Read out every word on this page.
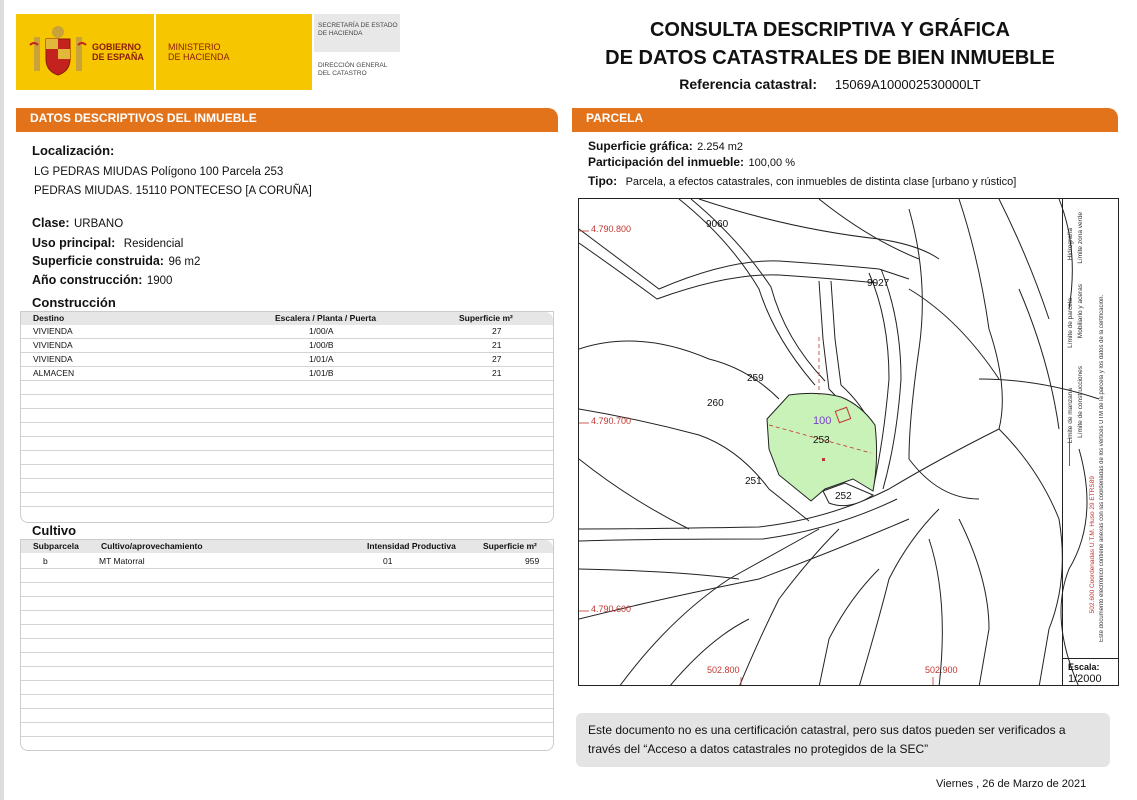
GOBIERNO
DE ESPAÑA
MINISTERIO
DE HACIENDA
SECRETARÍA DE ESTADO
DE HACIENDA
DIRECCIÓN GENERAL
DEL CATASTRO
CONSULTA DESCRIPTIVA Y GRÁFICA
DE DATOS CATASTRALES DE BIEN INMUEBLE
Referencia catastral: 15069A100002530000LT
DATOS DESCRIPTIVOS DEL INMUEBLE
Localización:
LG PEDRAS MIUDAS Polígono 100 Parcela 253
PEDRAS MIUDAS. 15110 PONTECESO [A CORUÑA]
Clase: URBANO
Uso principal: Residencial
Superficie construida: 96 m2
Año construcción: 1900
Construcción
Destino	Escalera / Planta / Puerta	Superficie m²
VIVIENDA	1/00/A	27
VIVIENDA	1/00/B	21
VIVIENDA	1/01/A	27
ALMACEN	1/01/B	21
Cultivo
Subparcela	Cultivo/aprovechamiento	Intensidad Productiva	Superficie m²
b	MT Matorral	01	959
PARCELA
Superficie gráfica: 2.254 m2
Participación del inmueble: 100,00 %
Tipo: Parcela, a efectos catastrales, con inmuebles de distinta clase [urbano y rústico]
4.790.800
4.790.700
4.790.600
502.800	502.900
9060
9027
259
260
100
253
251
252
Límite de manzana
Límite de parcela
Hidrografía
Límite de construcciones
Mobiliario y aceras
Límite zona verde
502.600 Coordenadas U.T.M. Huso 29 ETRS89 Este documento electrónico contiene anexas con las coordenadas de los vértices UTM de la parcela y los datos de la certificación.
Escala:
1/2000
Este documento no es una certificación catastral, pero sus datos pueden ser verificados a
través del “Acceso a datos catastrales no protegidos de la SEC”
Viernes , 26 de Marzo de 2021
